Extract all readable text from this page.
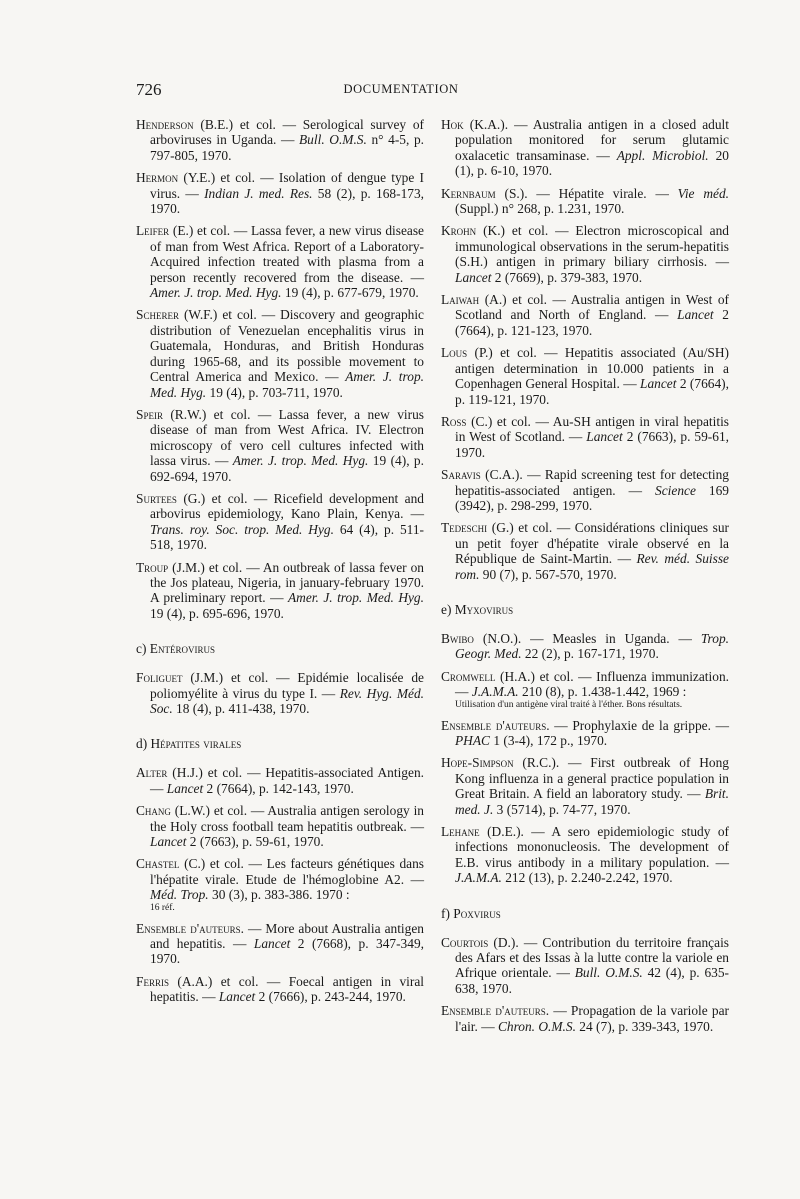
726	DOCUMENTATION
Henderson (B.E.) et col. — Serological survey of arboviruses in Uganda. — Bull. O.M.S. n° 4-5, p. 797-805, 1970.
Hermon (Y.E.) et col. — Isolation of dengue type I virus. — Indian J. med. Res. 58 (2), p. 168-173, 1970.
Leifer (E.) et col. — Lassa fever, a new virus disease of man from West Africa. Report of a Laboratory-Acquired infection treated with plasma from a person recently recovered from the disease. — Amer. J. trop. Med. Hyg. 19 (4), p. 677-679, 1970.
Scherer (W.F.) et col. — Discovery and geographic distribution of Venezuelan encephalitis virus in Guatemala, Honduras, and British Honduras during 1965-68, and its possible movement to Central America and Mexico. — Amer. J. trop. Med. Hyg. 19 (4), p. 703-711, 1970.
Speir (R.W.) et col. — Lassa fever, a new virus disease of man from West Africa. IV. Electron microscopy of vero cell cultures infected with lassa virus. — Amer. J. trop. Med. Hyg. 19 (4), p. 692-694, 1970.
Surtees (G.) et col. — Ricefield development and arbovirus epidemiology, Kano Plain, Kenya. — Trans. roy. Soc. trop. Med. Hyg. 64 (4), p. 511-518, 1970.
Troup (J.M.) et col. — An outbreak of lassa fever on the Jos plateau, Nigeria, in january-february 1970. A preliminary report. — Amer. J. trop. Med. Hyg. 19 (4), p. 695-696, 1970.
c) Entérovirus
Foliguet (J.M.) et col. — Epidémie localisée de poliomyélite à virus du type I. — Rev. Hyg. Méd. Soc. 18 (4), p. 411-438, 1970.
d) Hépatites virales
Alter (H.J.) et col. — Hepatitis-associated Antigen. — Lancet 2 (7664), p. 142-143, 1970.
Chang (L.W.) et col. — Australia antigen serology in the Holy cross football team hepatitis outbreak. — Lancet 2 (7663), p. 59-61, 1970.
Chastel (C.) et col. — Les facteurs génétiques dans l'hépatite virale. Etude de l'hémoglobine A2. — Méd. Trop. 30 (3), p. 383-386. 1970 :
16 réf.
Ensemble d'auteurs. — More about Australia antigen and hepatitis. — Lancet 2 (7668), p. 347-349, 1970.
Ferris (A.A.) et col. — Foecal antigen in viral hepatitis. — Lancet 2 (7666), p. 243-244, 1970.
Hok (K.A.). — Australia antigen in a closed adult population monitored for serum glutamic oxalacetic transaminase. — Appl. Microbiol. 20 (1), p. 6-10, 1970.
Kernbaum (S.). — Hépatite virale. — Vie méd. (Suppl.) n° 268, p. 1.231, 1970.
Krohn (K.) et col. — Electron microscopical and immunological observations in the serum-hepatitis (S.H.) antigen in primary biliary cirrhosis. — Lancet 2 (7669), p. 379-383, 1970.
Laiwah (A.) et col. — Australia antigen in West of Scotland and North of England. — Lancet 2 (7664), p. 121-123, 1970.
Lous (P.) et col. — Hepatitis associated (Au/SH) antigen determination in 10.000 patients in a Copenhagen General Hospital. — Lancet 2 (7664), p. 119-121, 1970.
Ross (C.) et col. — Au-SH antigen in viral hepatitis in West of Scotland. — Lancet 2 (7663), p. 59-61, 1970.
Saravis (C.A.). — Rapid screening test for detecting hepatitis-associated antigen. — Science 169 (3942), p. 298-299, 1970.
Tedeschi (G.) et col. — Considérations cliniques sur un petit foyer d'hépatite virale observé en la République de Saint-Martin. — Rev. méd. Suisse rom. 90 (7), p. 567-570, 1970.
e) Myxovirus
Bwibo (N.O.). — Measles in Uganda. — Trop. Geogr. Med. 22 (2), p. 167-171, 1970.
Cromwell (H.A.) et col. — Influenza immunization. — J.A.M.A. 210 (8), p. 1.438-1.442, 1969 :
Utilisation d'un antigène viral traité à l'éther. Bons résultats.
Ensemble d'auteurs. — Prophylaxie de la grippe. — PHAC 1 (3-4), 172 p., 1970.
Hope-Simpson (R.C.). — First outbreak of Hong Kong influenza in a general practice population in Great Britain. A field an laboratory study. — Brit. med. J. 3 (5714), p. 74-77, 1970.
Lehane (D.E.). — A sero epidemiologic study of infections mononucleosis. The development of E.B. virus antibody in a military population. — J.A.M.A. 212 (13), p. 2.240-2.242, 1970.
f) Poxvirus
Courtois (D.). — Contribution du territoire français des Afars et des Issas à la lutte contre la variole en Afrique orientale. — Bull. O.M.S. 42 (4), p. 635-638, 1970.
Ensemble d'auteurs. — Propagation de la variole par l'air. — Chron. O.M.S. 24 (7), p. 339-343, 1970.
